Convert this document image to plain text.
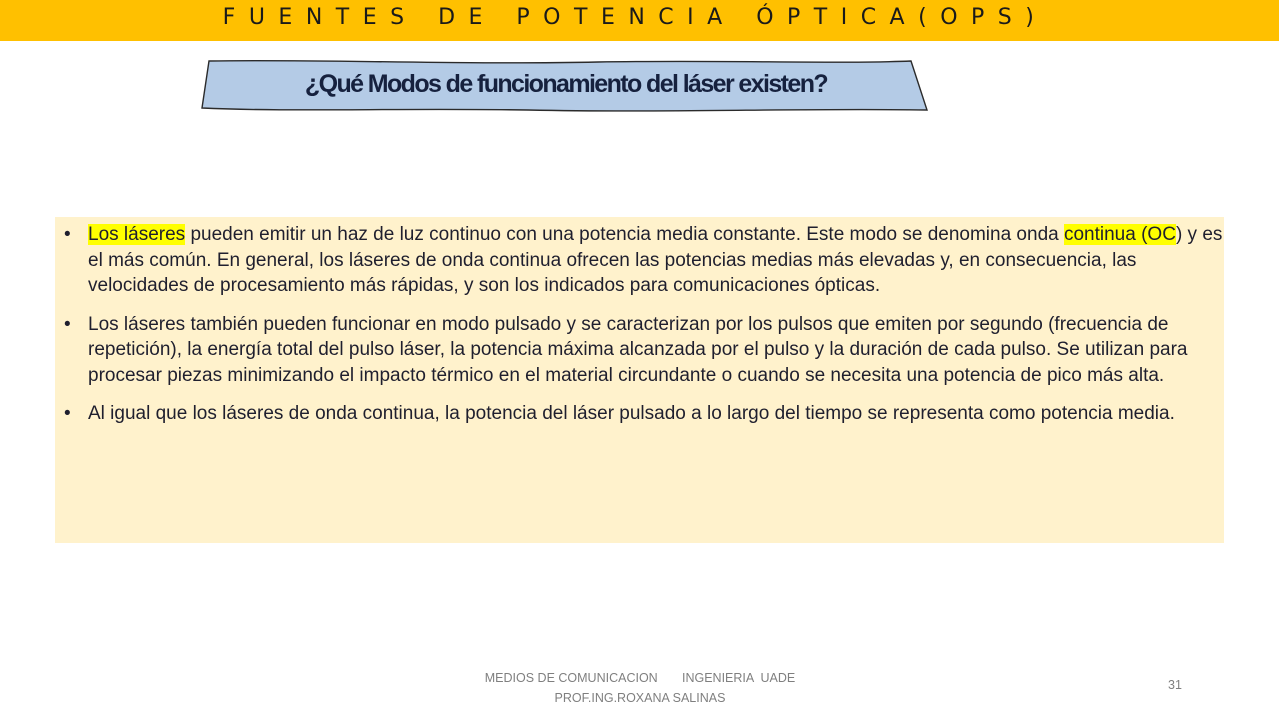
FUENTES DE POTENCIA ÓPTICA(OPS)
¿Qué Modos de funcionamiento del láser existen?
• Los láseres pueden emitir un haz de luz continuo con una potencia media constante. Este modo se denomina onda continua (OC) y es el más común. En general, los láseres de onda continua ofrecen las potencias medias más elevadas y, en consecuencia, las velocidades de procesamiento más rápidas, y son los indicados para comunicaciones ópticas.
• Los láseres también pueden funcionar en modo pulsado y se caracterizan por los pulsos que emiten por segundo (frecuencia de repetición), la energía total del pulso láser, la potencia máxima alcanzada por el pulso y la duración de cada pulso. Se utilizan para procesar piezas minimizando el impacto térmico en el material circundante o cuando se necesita una potencia de pico más alta.
• Al igual que los láseres de onda continua, la potencia del láser pulsado a lo largo del tiempo se representa como potencia media.
MEDIOS DE COMUNICACION       INGENIERIA  UADE
PROF.ING.ROXANA SALINAS
31
